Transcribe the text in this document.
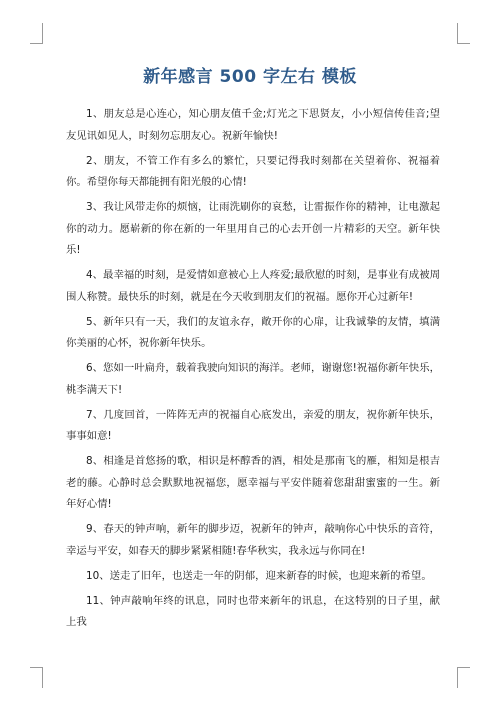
新年感言 500 字左右 模板

1、朋友总是心连心，知心朋友值千金;灯光之下思贤友，小小短信传佳音;望友见讯如见人，时刻勿忘朋友心。祝新年愉快!

2、朋友，不管工作有多么的繁忙，只要记得我时刻都在关望着你、祝福着你。希望你每天都能拥有阳光般的心情!

3、我让风带走你的烦恼，让雨洗刷你的哀愁，让雷振作你的精神，让电激起你的动力。愿崭新的你在新的一年里用自己的心去开创一片精彩的天空。新年快乐!

4、最幸福的时刻，是爱情如意被心上人疼爱;最欣慰的时刻，是事业有成被周围人称赞。最快乐的时刻，就是在今天收到朋友们的祝福。愿你开心过新年!

5、新年只有一天，我们的友谊永存，敞开你的心扉，让我诚挚的友情，填满你美丽的心怀，祝你新年快乐。

6、您如一叶扁舟，载着我驶向知识的海洋。老师，谢谢您!祝福你新年快乐，桃李满天下!

7、几度回首，一阵阵无声的祝福自心底发出，亲爱的朋友，祝你新年快乐，事事如意!

8、相逢是首悠扬的歌，相识是杯醇香的酒，相处是那南飞的雁，相知是根吉老的藤。心静时总会默默地祝福您，愿幸福与平安伴随着您甜甜蜜蜜的一生。新年好心情!

9、春天的钟声响，新年的脚步迈，祝新年的钟声，敲响你心中快乐的音符，幸运与平安，如春天的脚步紧紧相随!春华秋实，我永远与你同在!

10、送走了旧年，也送走一年的阴郁，迎来新春的时候，也迎来新的希望。

11、钟声敲响年终的讯息，同时也带来新年的讯息，在这特别的日子里，献上我
